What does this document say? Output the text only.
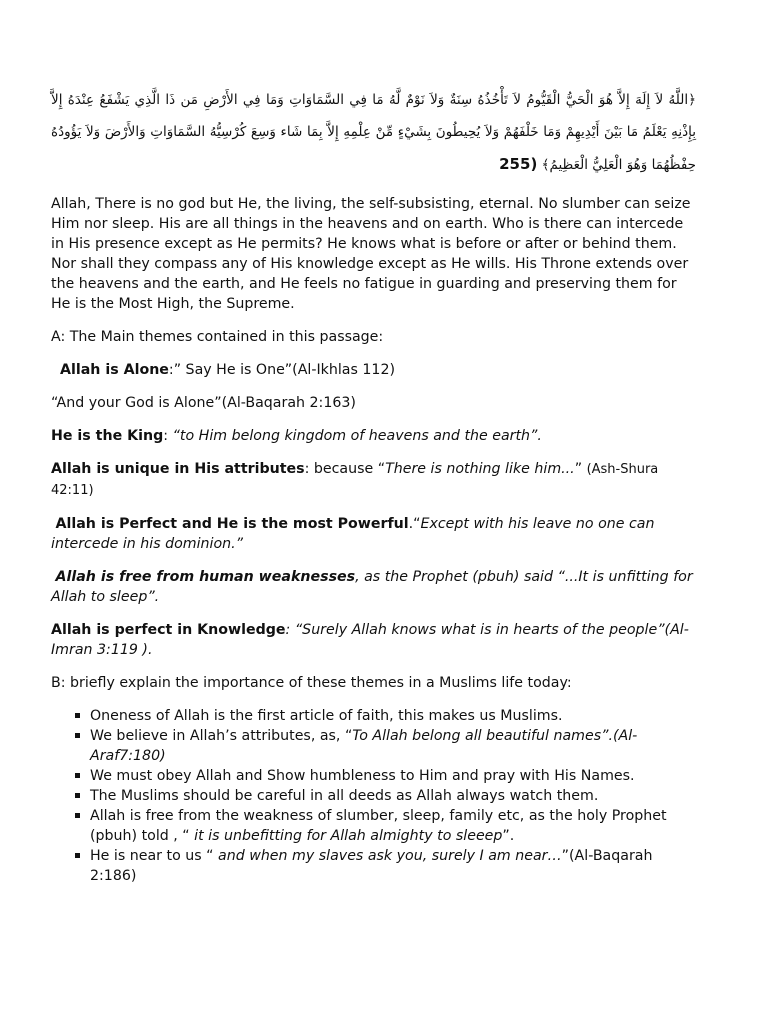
﴿اللَّهُ لاَ إِلَهَ إِلاَّ هُوَ الْحَيُّ الْقَيُّومُ لاَ تَأْخُذُهُ سِنَةٌ وَلاَ نَوْمٌ لَّهُ مَا فِي السَّمَاوَاتِ وَمَا فِي الأَرْضِ مَن ذَا الَّذِي يَشْفَعُ عِنْدَهُ إِلاَّ بِإِذْنِهِ يَعْلَمُ مَا بَيْنَ أَيْدِيهِمْ وَمَا خَلْفَهُمْ وَلاَ يُحِيطُونَ بِشَيْءٍ مِّنْ عِلْمِهِ إِلاَّ بِمَا شَاء وَسِعَ كُرْسِيُّهُ السَّمَاوَاتِ وَالأَرْضَ وَلاَ يَؤُودُهُ حِفْظُهُمَا وَهُوَ الْعَلِيُّ الْعَظِيمُ﴾ (255

Allah, There is no god but He, the living, the self-subsisting, eternal. No slumber can seize Him nor sleep. His are all things in the heavens and on earth. Who is there can intercede in His presence except as He permits? He knows what is before or after or behind them. Nor shall they compass any of His knowledge except as He wills. His Throne extends over the heavens and the earth, and He feels no fatigue in guarding and preserving them for He is the Most High, the Supreme.

A: The Main themes contained in this passage:

Allah is Alone:” Say He is One”(Al-Ikhlas 112)

“And your God is Alone”(Al-Baqarah 2:163)

He is the King: “to Him belong kingdom of heavens and the earth”.

Allah is unique in His attributes: because “There is nothing like him...” (Ash-Shura 42:11)

Allah is Perfect and He is the most Powerful.“Except with his leave no one can intercede in his dominion.”

Allah is free from human weaknesses, as the Prophet (pbuh) said “...It is unfitting for Allah to sleep”.

Allah is perfect in Knowledge: “Surely Allah knows what is in hearts of the people”(Al-Imran 3:119 ).

B: briefly explain the importance of these themes in a Muslims life today:

Oneness of Allah is the first article of faith, this makes us Muslims.
We believe in Allah’s attributes, as, “To Allah belong all beautiful names”.(Al-Araf7:180)
We must obey Allah and Show humbleness to Him and pray with His Names.
The Muslims should be careful in all deeds as Allah always watch them.
Allah is free from the weakness of slumber, sleep, family etc, as the holy Prophet (pbuh) told , “ it is unbefitting for Allah almighty to sleeep”.
He is near to us “ and when my slaves ask you, surely I am near…”(Al-Baqarah 2:186)
